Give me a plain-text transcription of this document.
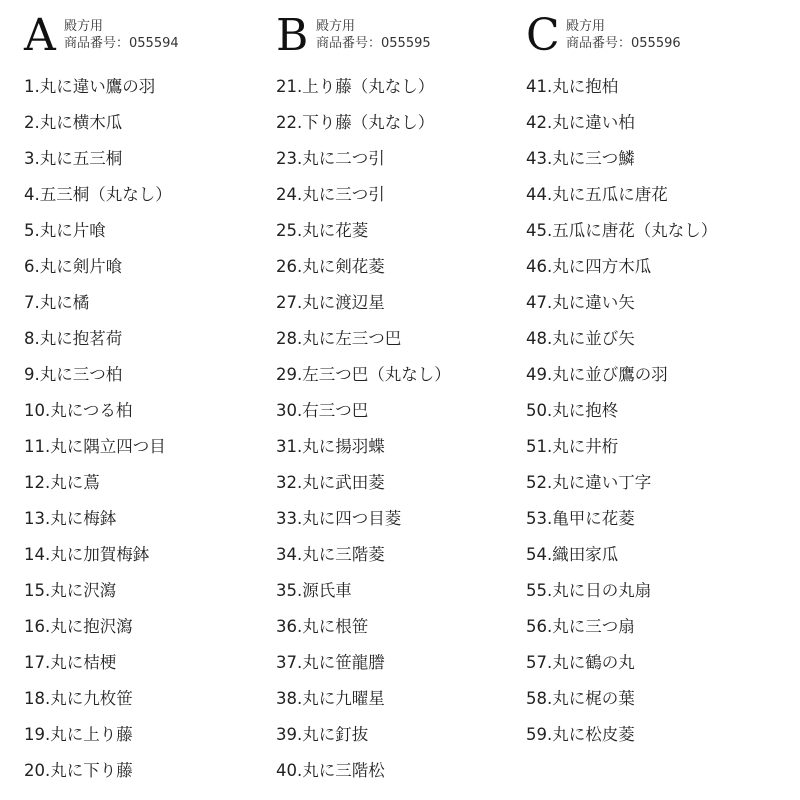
A 殿方用
商品番号：055594
1.丸に違い鷹の羽
2.丸に横木瓜
3.丸に五三桐
4.五三桐（丸なし）
5.丸に片喰
6.丸に剣片喰
7.丸に橘
8.丸に抱茗荷
9.丸に三つ柏
10.丸につる柏
11.丸に隅立四つ目
12.丸に蔦
13.丸に梅鉢
14.丸に加賀梅鉢
15.丸に沢瀉
16.丸に抱沢瀉
17.丸に桔梗
18.丸に九枚笹
19.丸に上り藤
20.丸に下り藤
B 殿方用
商品番号：055595
21.上り藤（丸なし）
22.下り藤（丸なし）
23.丸に二つ引
24.丸に三つ引
25.丸に花菱
26.丸に剣花菱
27.丸に渡辺星
28.丸に左三つ巴
29.左三つ巴（丸なし）
30.右三つ巴
31.丸に揚羽蝶
32.丸に武田菱
33.丸に四つ目菱
34.丸に三階菱
35.源氏車
36.丸に根笹
37.丸に笹龍謄
38.丸に九曜星
39.丸に釘抜
40.丸に三階松
C 殿方用
商品番号：055596
41.丸に抱柏
42.丸に違い柏
43.丸に三つ鱗
44.丸に五瓜に唐花
45.五瓜に唐花（丸なし）
46.丸に四方木瓜
47.丸に違い矢
48.丸に並び矢
49.丸に並び鷹の羽
50.丸に抱柊
51.丸に井桁
52.丸に違い丁字
53.亀甲に花菱
54.織田家瓜
55.丸に日の丸扇
56.丸に三つ扇
57.丸に鶴の丸
58.丸に梶の葉
59.丸に松皮菱
